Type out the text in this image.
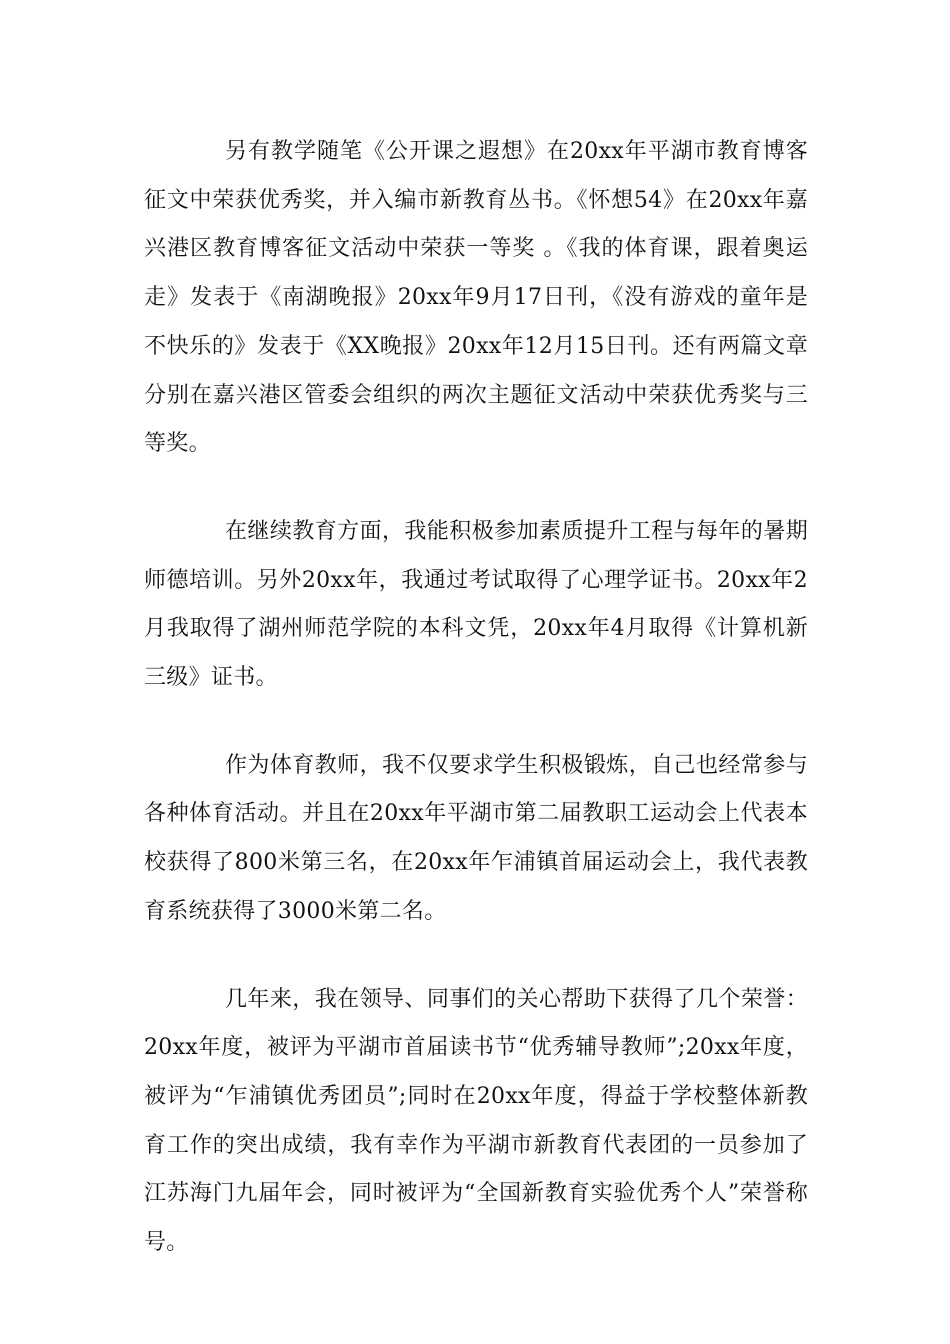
另有教学随笔《公开课之遐想》在20xx年平湖市教育博客征文中荣获优秀奖，并入编市新教育丛书。《怀想54》在20xx年嘉兴港区教育博客征文活动中荣获一等奖 。《我的体育课，跟着奥运走》发表于《南湖晚报》20xx年9月17日刊，《没有游戏的童年是不快乐的》发表于《XX晚报》20xx年12月15日刊。还有两篇文章分别在嘉兴港区管委会组织的两次主题征文活动中荣获优秀奖与三等奖。

在继续教育方面，我能积极参加素质提升工程与每年的暑期师德培训。另外20xx年，我通过考试取得了心理学证书。20xx年2月我取得了湖州师范学院的本科文凭，20xx年4月取得《计算机新三级》证书。

作为体育教师，我不仅要求学生积极锻炼，自己也经常参与各种体育活动。并且在20xx年平湖市第二届教职工运动会上代表本校获得了800米第三名，在20xx年乍浦镇首届运动会上，我代表教育系统获得了3000米第二名。

几年来，我在领导、同事们的关心帮助下获得了几个荣誉：20xx年度，被评为平湖市首届读书节“优秀辅导教师”;20xx年度，被评为“乍浦镇优秀团员”;同时在20xx年度，得益于学校整体新教育工作的突出成绩，我有幸作为平湖市新教育代表团的一员参加了江苏海门九届年会，同时被评为“全国新教育实验优秀个人”荣誉称号。
